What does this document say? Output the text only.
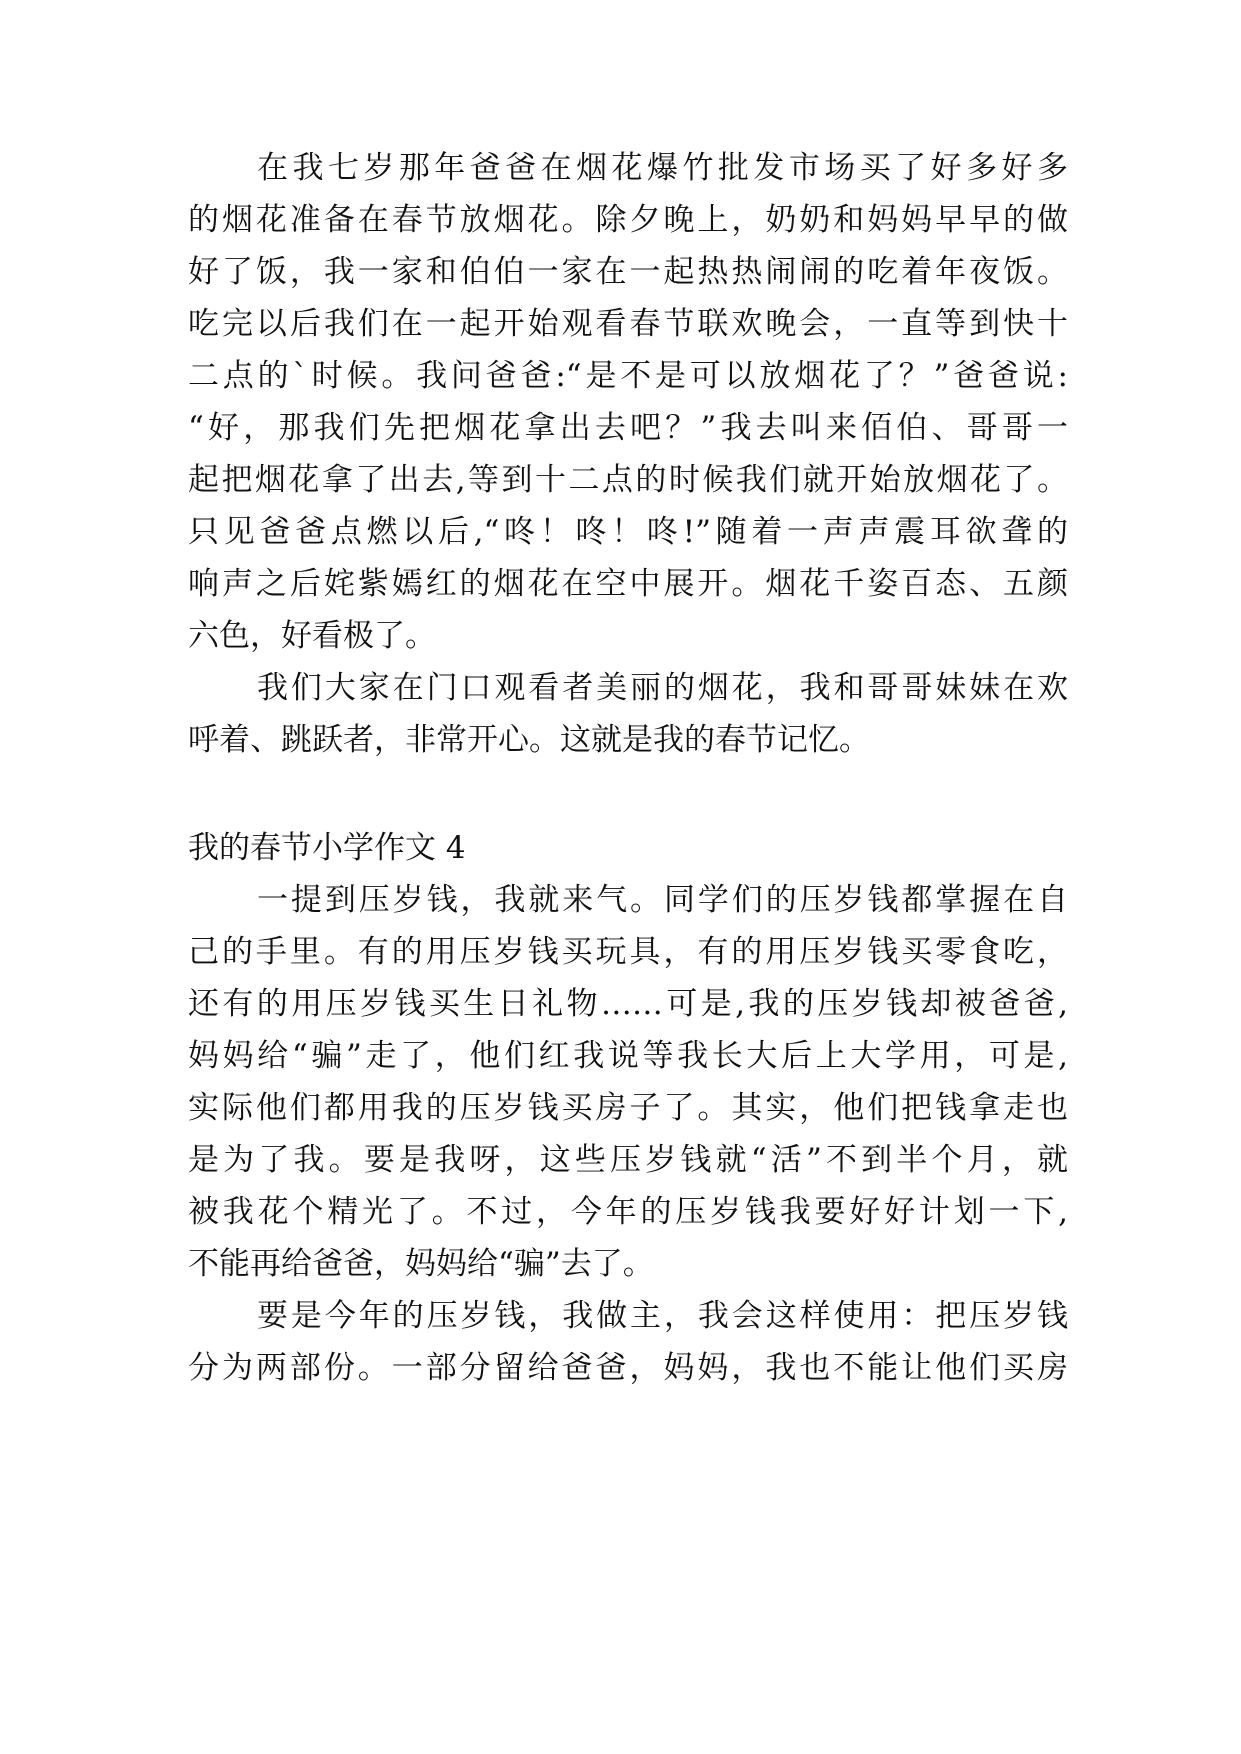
在我七岁那年爸爸在烟花爆竹批发市场买了好多好多
的烟花准备在春节放烟花。除夕晚上，奶奶和妈妈早早的做
好了饭，我一家和伯伯一家在一起热热闹闹的吃着年夜饭。
吃完以后我们在一起开始观看春节联欢晚会，一直等到快十
二点的`时候。我问爸爸:“是不是可以放烟花了？”爸爸说:
“好，那我们先把烟花拿出去吧？”我去叫来佰伯、哥哥一
起把烟花拿了出去,等到十二点的时候我们就开始放烟花了。
只见爸爸点燃以后,“咚！咚！咚!”随着一声声震耳欲聋的
响声之后姹紫嫣红的烟花在空中展开。烟花千姿百态、五颜
六色，好看极了。
我们大家在门口观看者美丽的烟花，我和哥哥妹妹在欢
呼着、跳跃者，非常开心。这就是我的春节记忆。
我的春节小学作文 4
一提到压岁钱，我就来气。同学们的压岁钱都掌握在自
己的手里。有的用压岁钱买玩具，有的用压岁钱买零食吃，
还有的用压岁钱买生日礼物……可是,我的压岁钱却被爸爸,
妈妈给“骗”走了，他们红我说等我长大后上大学用，可是,
实际他们都用我的压岁钱买房子了。其实，他们把钱拿走也
是为了我。要是我呀，这些压岁钱就“活”不到半个月，就
被我花个精光了。不过，今年的压岁钱我要好好计划一下,
不能再给爸爸，妈妈给“骗”去了。
要是今年的压岁钱，我做主，我会这样使用：把压岁钱
分为两部份。一部分留给爸爸，妈妈，我也不能让他们买房
